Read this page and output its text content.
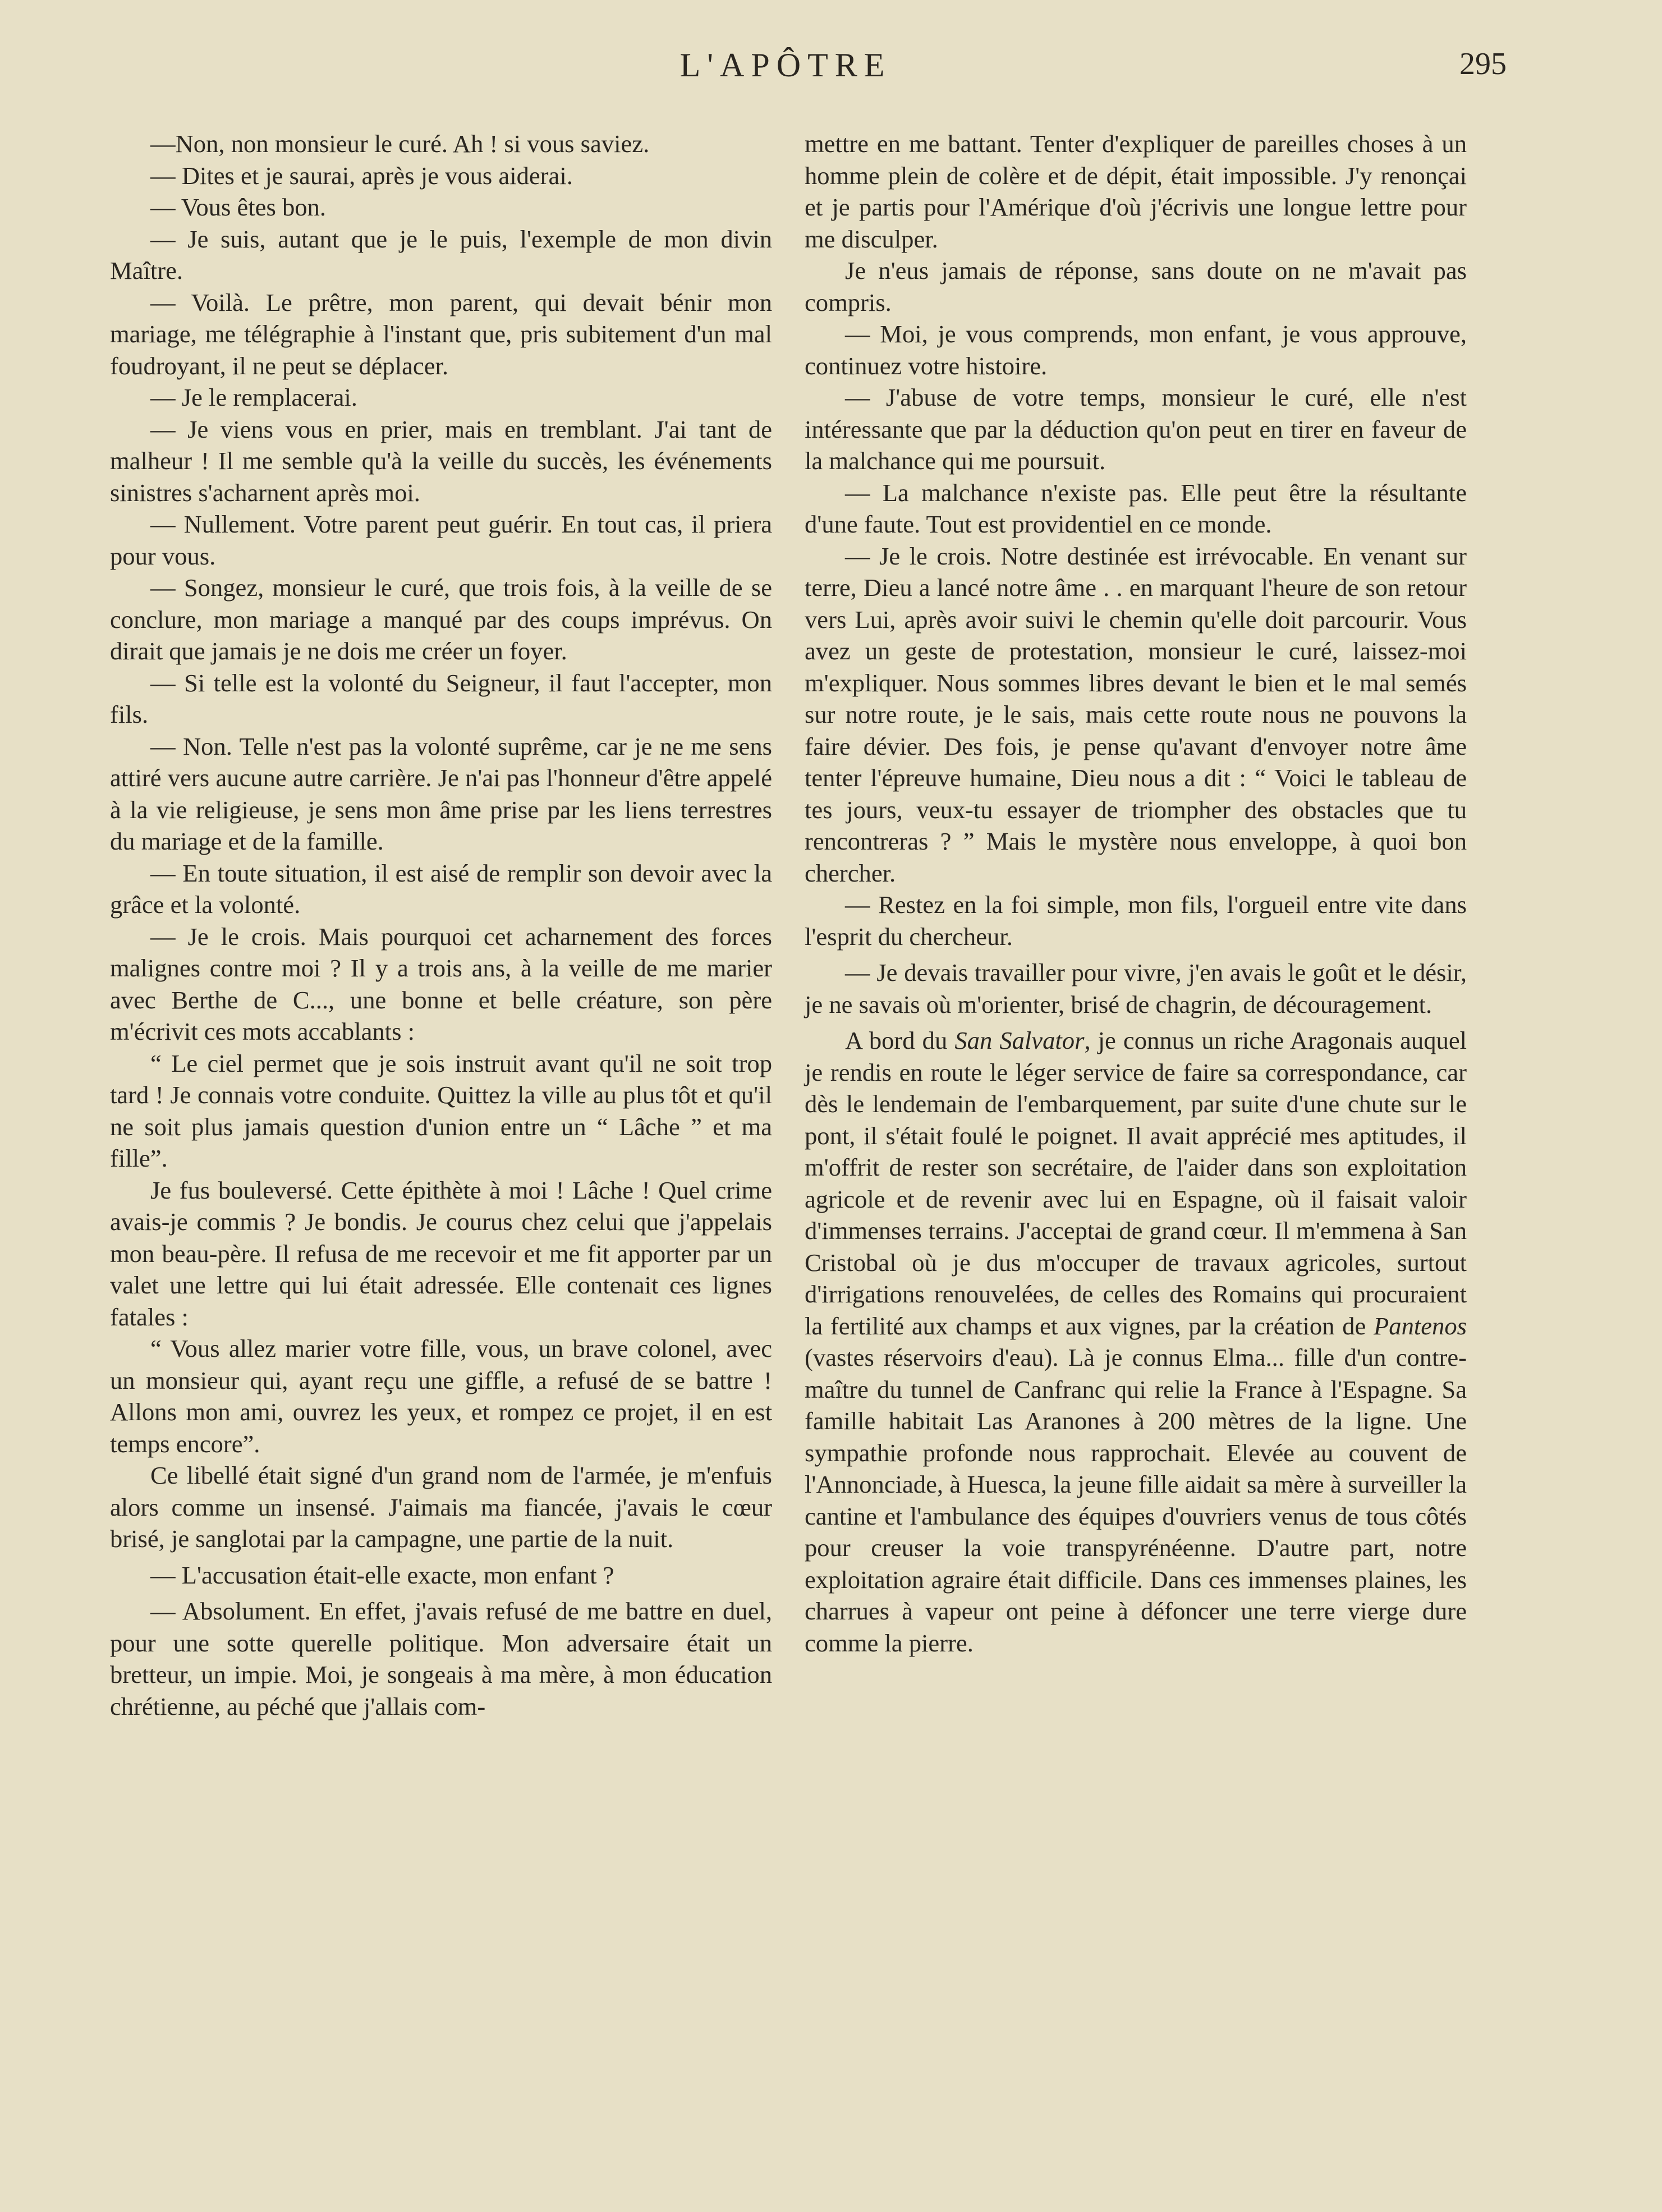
L'APÔTRE	295

—Non, non monsieur le curé. Ah ! si vous saviez.

— Dites et je saurai, après je vous aiderai.

— Vous êtes bon.

— Je suis, autant que je le puis, l'exemple de mon divin Maître.

— Voilà. Le prêtre, mon parent, qui devait bénir mon mariage, me télégraphie à l'instant que, pris subitement d'un mal foudroyant, il ne peut se déplacer.

— Je le remplacerai.

— Je viens vous en prier, mais en tremblant. J'ai tant de malheur ! Il me semble qu'à la veille du succès, les événements sinistres s'acharnent après moi.

— Nullement. Votre parent peut guérir. En tout cas, il priera pour vous.

— Songez, monsieur le curé, que trois fois, à la veille de se conclure, mon mariage a manqué par des coups imprévus. On dirait que jamais je ne dois me créer un foyer.

— Si telle est la volonté du Seigneur, il faut l'accepter, mon fils.

— Non. Telle n'est pas la volonté suprême, car je ne me sens attiré vers aucune autre carrière. Je n'ai pas l'honneur d'être appelé à la vie religieuse, je sens mon âme prise par les liens terrestres du mariage et de la famille.

— En toute situation, il est aisé de remplir son devoir avec la grâce et la volonté.

— Je le crois. Mais pourquoi cet acharnement des forces malignes contre moi ? Il y a trois ans, à la veille de me marier avec Berthe de C..., une bonne et belle créature, son père m'écrivit ces mots accablants :

“ Le ciel permet que je sois instruit avant qu'il ne soit trop tard ! Je connais votre conduite. Quittez la ville au plus tôt et qu'il ne soit plus jamais question d'union entre un “ Lâche ” et ma fille”.

Je fus bouleversé. Cette épithète à moi ! Lâche ! Quel crime avais-je commis ? Je bondis. Je courus chez celui que j'appelais mon beau-père. Il refusa de me recevoir et me fit apporter par un valet une lettre qui lui était adressée. Elle contenait ces lignes fatales :

“ Vous allez marier votre fille, vous, un brave colonel, avec un monsieur qui, ayant reçu une giffle, a refusé de se battre ! Allons mon ami, ouvrez les yeux, et rompez ce projet, il en est temps encore”.

Ce libellé était signé d'un grand nom de l'armée, je m'enfuis alors comme un insensé. J'aimais ma fiancée, j'avais le cœur brisé, je sanglotai par la campagne, une partie de la nuit.

— L'accusation était-elle exacte, mon enfant ?

— Absolument. En effet, j'avais refusé de me battre en duel, pour une sotte querelle politique. Mon adversaire était un bretteur, un impie. Moi, je songeais à ma mère, à mon éducation chrétienne, au péché que j'allais com-

mettre en me battant. Tenter d'expliquer de pareilles choses à un homme plein de colère et de dépit, était impossible. J'y renonçai et je partis pour l'Amérique d'où j'écrivis une longue lettre pour me disculper.

Je n'eus jamais de réponse, sans doute on ne m'avait pas compris.

— Moi, je vous comprends, mon enfant, je vous approuve, continuez votre histoire.

— J'abuse de votre temps, monsieur le curé, elle n'est intéressante que par la déduction qu'on peut en tirer en faveur de la malchance qui me poursuit.

— La malchance n'existe pas. Elle peut être la résultante d'une faute. Tout est providentiel en ce monde.

— Je le crois. Notre destinée est irrévocable. En venant sur terre, Dieu a lancé notre âme . . en marquant l'heure de son retour vers Lui, après avoir suivi le chemin qu'elle doit parcourir. Vous avez un geste de protestation, monsieur le curé, laissez-moi m'expliquer. Nous sommes libres devant le bien et le mal semés sur notre route, je le sais, mais cette route nous ne pouvons la faire dévier. Des fois, je pense qu'avant d'envoyer notre âme tenter l'épreuve humaine, Dieu nous a dit : “ Voici le tableau de tes jours, veux-tu essayer de triompher des obstacles que tu rencontreras ? ” Mais le mystère nous enveloppe, à quoi bon chercher.

— Restez en la foi simple, mon fils, l'orgueil entre vite dans l'esprit du chercheur.

— Je devais travailler pour vivre, j'en avais le goût et le désir, je ne savais où m'orienter, brisé de chagrin, de découragement.

A bord du San Salvator, je connus un riche Aragonais auquel je rendis en route le léger service de faire sa correspondance, car dès le lendemain de l'embarquement, par suite d'une chute sur le pont, il s'était foulé le poignet. Il avait apprécié mes aptitudes, il m'offrit de rester son secrétaire, de l'aider dans son exploitation agricole et de revenir avec lui en Espagne, où il faisait valoir d'immenses terrains. J'acceptai de grand cœur. Il m'emmena à San Cristobal où je dus m'occuper de travaux agricoles, surtout d'irrigations renouvelées, de celles des Romains qui procuraient la fertilité aux champs et aux vignes, par la création de Pantenos (vastes réservoirs d'eau). Là je connus Elma... fille d'un contre-maître du tunnel de Canfranc qui relie la France à l'Espagne. Sa famille habitait Las Aranones à 200 mètres de la ligne. Une sympathie profonde nous rapprochait. Elevée au couvent de l'Annonciade, à Huesca, la jeune fille aidait sa mère à surveiller la cantine et l'ambulance des équipes d'ouvriers venus de tous côtés pour creuser la voie transpyrénéenne. D'autre part, notre exploitation agraire était difficile. Dans ces immenses plaines, les charrues à vapeur ont peine à défoncer une terre vierge dure comme la pierre.
